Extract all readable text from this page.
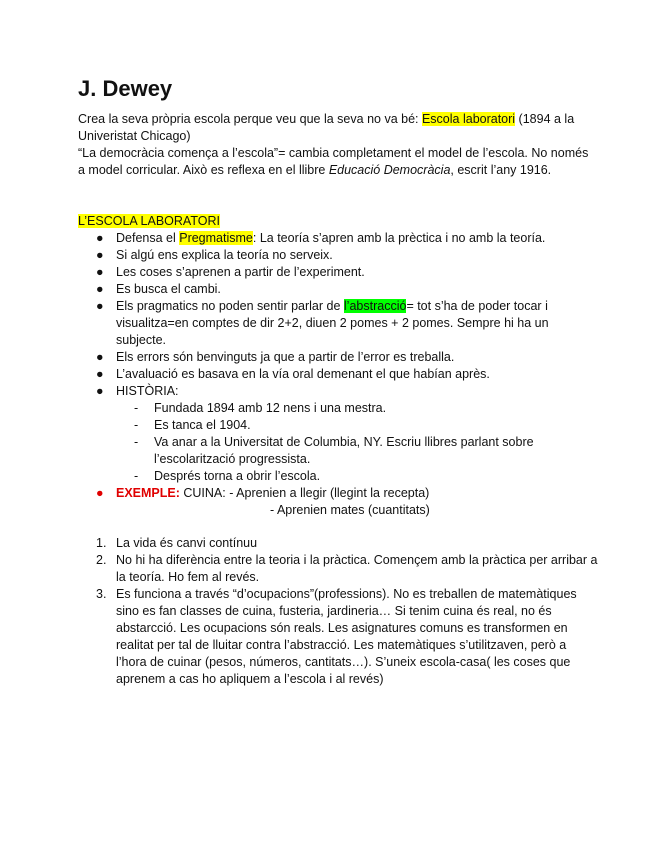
J. Dewey

Crea la seva pròpria escola perque veu que la seva no va bé: Escola laboratori (1894 a la Univeristat Chicago)

“La democràcia comença a l’escola”= cambia completament el model de l’escola. No només a model corricular. Això es reflexa en el llibre Educació Democràcia, escrit l’any 1916.

L’ESCOLA LABORATORI

● Defensa el Pregmatisme: La teoría s’apren amb la prèctica i no amb la teoría.
● Si algú ens explica la teoría no serveix.
● Les coses s’aprenen a partir de l’experiment.
● Es busca el cambi.
● Els pragmatics no poden sentir parlar de l’abstracció= tot s’ha de poder tocar i visualitza=en comptes de dir 2+2, diuen 2 pomes + 2 pomes. Sempre hi ha un subjecte.
● Els errors són benvinguts ja que a partir de l’error es treballa.
● L’avaluació es basava en la vía oral demenant el que habían après.
● HISTÒRIA:
- Fundada 1894 amb 12 nens i una mestra.
- Es tanca el 1904.
- Va anar a la Universitat de Columbia, NY. Escriu llibres parlant sobre l’escolarització progressista.
- Després torna a obrir l’escola.
● EXEMPLE: CUINA: - Aprenien a llegir (llegint la recepta)
- Aprenien mates (cuantitats)
1. La vida és canvi contínuu
2. No hi ha diferència entre la teoria i la pràctica. Començem amb la pràctica per arribar a la teoría. Ho fem al revés.
3. Es funciona a través “d’ocupacions”(professions). No es treballen de matemàtiques sino es fan classes de cuina, fusteria, jardineria… Si tenim cuina és real, no és abstarcció. Les ocupacions són reals. Les asignatures comuns es transformen en realitat per tal de lluitar contra l’abstracció. Les matemàtiques s’utilitzaven, però a l’hora de cuinar (pesos, números, cantitats…). S’uneix escola-casa( les coses que aprenem a cas ho apliquem a l’escola i al revés)
